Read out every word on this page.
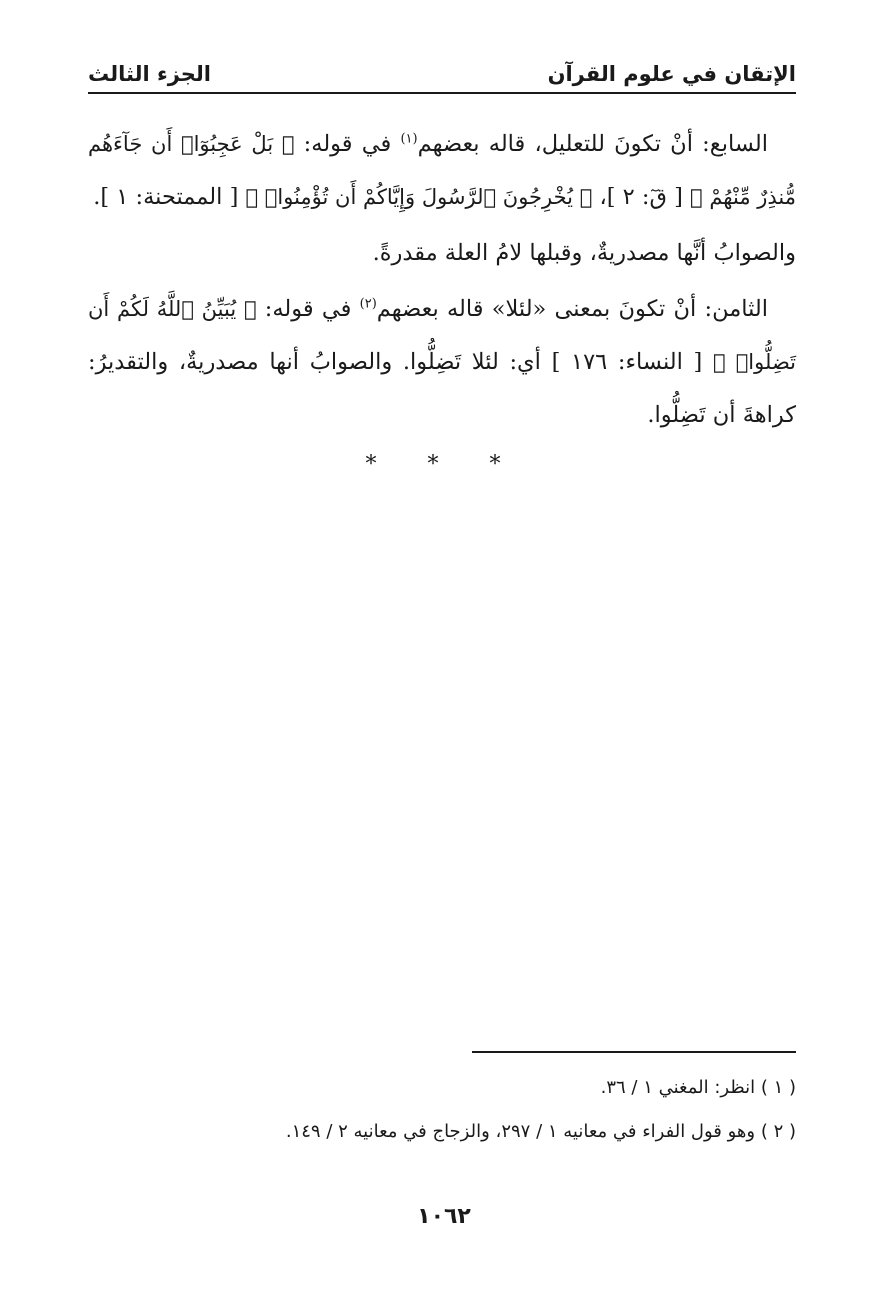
الإتقان في علوم القرآن
الجزء الثالث

السابع: أنْ تكونَ للتعليل، قاله بعضهم$^{(١)}$ في قوله: ﴿ بَلْ عَجِبُوٓا۟ أَن جَآءَهُم مُّنذِرٌ مِّنْهُمْ ﴾ [ قٓ: ٢ ]، ﴿ يُخْرِجُونَ ٱلرَّسُولَ وَإِيَّاكُمْ أَن تُؤْمِنُوا۟ ﴾ [ الممتحنة: ١ ].

والصوابُ أنَّها مصدريةٌ، وقبلها لامُ العلة مقدرةً.

الثامن: أنْ تكونَ بمعنى «لئلا» قاله بعضهم$^{(٢)}$ في قوله: ﴿ يُبَيِّنُ ٱللَّهُ لَكُمْ أَن تَضِلُّوا۟ ﴾ [ النساء: ١٧٦ ] أي: لئلا تَضِلُّوا. والصوابُ أنها مصدريةٌ، والتقديرُ: كراهةَ أن تَضِلُّوا.

* * *
( ١ ) انظر: المغني ١ / ٣٦.
( ٢ ) وهو قول الفراء في معانيه ١ / ٢٩٧، والزجاج في معانيه ٢ / ١٤٩.
١٠٦٢
